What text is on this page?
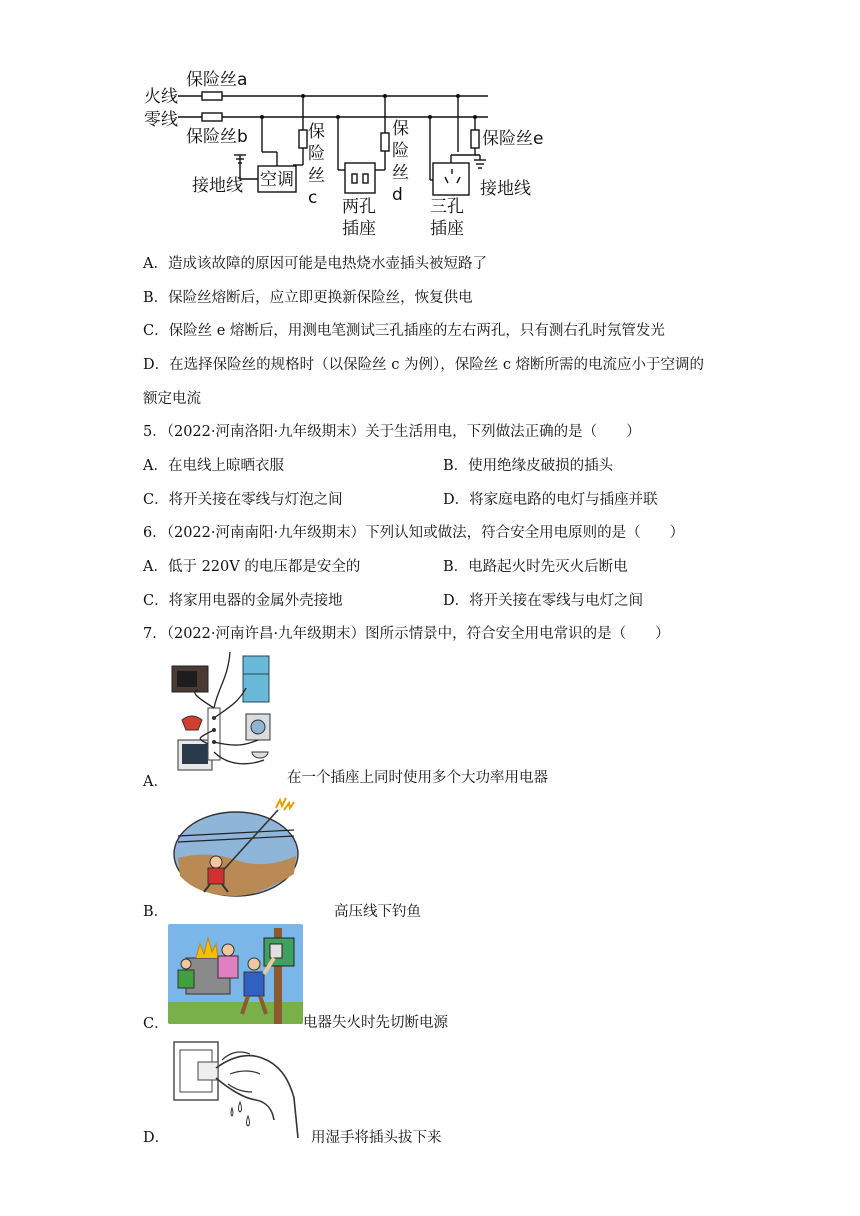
火线
零线
保险丝a
保险丝b
接地线 空调
保
险
丝
c
保
险
丝
d
保险丝e
接地线
两孔
插座
三孔
插座
A．造成该故障的原因可能是电热烧水壶插头被短路了
B．保险丝熔断后，应立即更换新保险丝，恢复供电
C．保险丝 e 熔断后，用测电笔测试三孔插座的左右两孔，只有测右孔时氖管发光
D．在选择保险丝的规格时（以保险丝 c 为例），保险丝 c 熔断所需的电流应小于空调的
额定电流
5．（2022·河南洛阳·九年级期末）关于生活用电，下列做法正确的是（　　）
A．在电线上晾晒衣服	B．使用绝缘皮破损的插头
C．将开关接在零线与灯泡之间	D．将家庭电路的电灯与插座并联
6．（2022·河南南阳·九年级期末）下列认知或做法，符合安全用电原则的是（　　）
A．低于 220V 的电压都是安全的	B．电路起火时先灭火后断电
C．将家用电器的金属外壳接地	D．将开关接在零线与电灯之间
7．（2022·河南许昌·九年级期末）图所示情景中，符合安全用电常识的是（　　）
A．	在一个插座上同时使用多个大功率用电器
B．	高压线下钓鱼
C．	电器失火时先切断电源
D．	用湿手将插头拔下来
